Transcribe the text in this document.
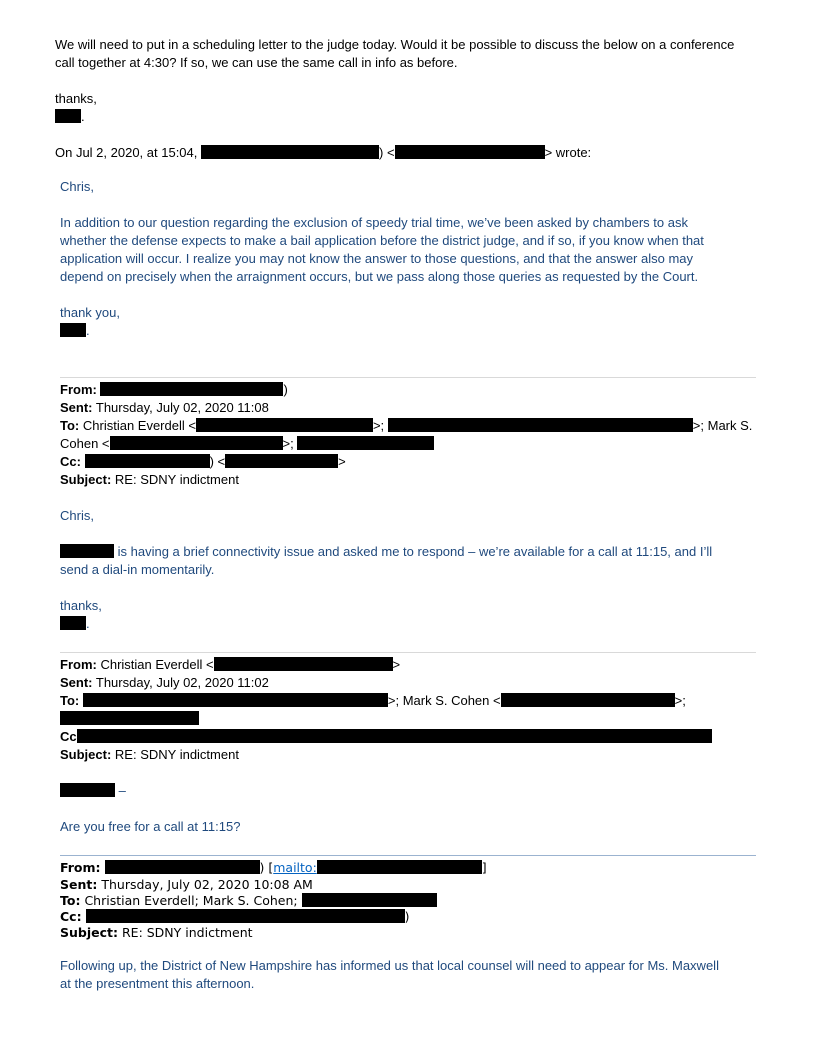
We will need to put in a scheduling letter to the judge today. Would it be possible to discuss the below on a conference
call together at 4:30? If so, we can use the same call in info as before.
thanks,
.
On Jul 2, 2020, at 15:04,	) <	> wrote:
Chris,
In addition to our question regarding the exclusion of speedy trial time, we’ve been asked by chambers to ask
whether the defense expects to make a bail application before the district judge, and if so, if you know when that
application will occur. I realize you may not know the answer to those questions, and that the answer also may
depend on precisely when the arraignment occurs, but we pass along those queries as requested by the Court.
thank you,
.
From:	)
Sent: Thursday, July 02, 2020 11:08
To: Christian Everdell <	>;	>; Mark S.
Cohen <	>;
Cc:	) <	>
Subject: RE: SDNY indictment
Chris,
is having a brief connectivity issue and asked me to respond – we’re available for a call at 11:15, and I’ll
send a dial-in momentarily.
thanks,
.
From: Christian Everdell <	>
Sent: Thursday, July 02, 2020 11:02
To:	>; Mark S. Cohen <	>;
Cc
Subject: RE: SDNY indictment
–
Are you free for a call at 11:15?
From:	) [mailto:	]
Sent: Thursday, July 02, 2020 10:08 AM
To: Christian Everdell; Mark S. Cohen;
Cc:	)
Subject: RE: SDNY indictment
Following up, the District of New Hampshire has informed us that local counsel will need to appear for Ms. Maxwell
at the presentment this afternoon.
